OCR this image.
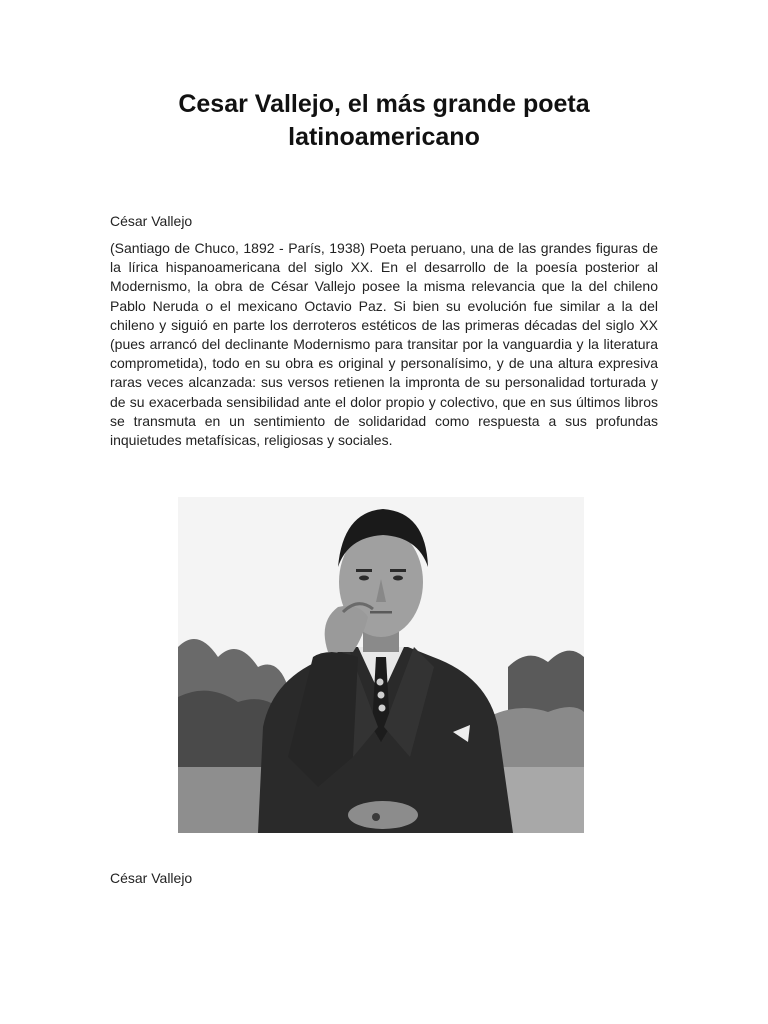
Cesar Vallejo, el más grande poeta latinoamericano

César Vallejo

(Santiago de Chuco, 1892 - París, 1938) Poeta peruano, una de las grandes figuras de la lírica hispanoamericana del siglo XX. En el desarrollo de la poesía posterior al Modernismo, la obra de César Vallejo posee la misma relevancia que la del chileno Pablo Neruda o el mexicano Octavio Paz. Si bien su evolución fue similar a la del chileno y siguió en parte los derroteros estéticos de las primeras décadas del siglo XX (pues arrancó del declinante Modernismo para transitar por la vanguardia y la literatura comprometida), todo en su obra es original y personalísimo, y de una altura expresiva raras veces alcanzada: sus versos retienen la impronta de su personalidad torturada y de su exacerbada sensibilidad ante el dolor propio y colectivo, que en sus últimos libros se transmuta en un sentimiento de solidaridad como respuesta a sus profundas inquietudes metafísicas, religiosas y sociales.

César Vallejo
